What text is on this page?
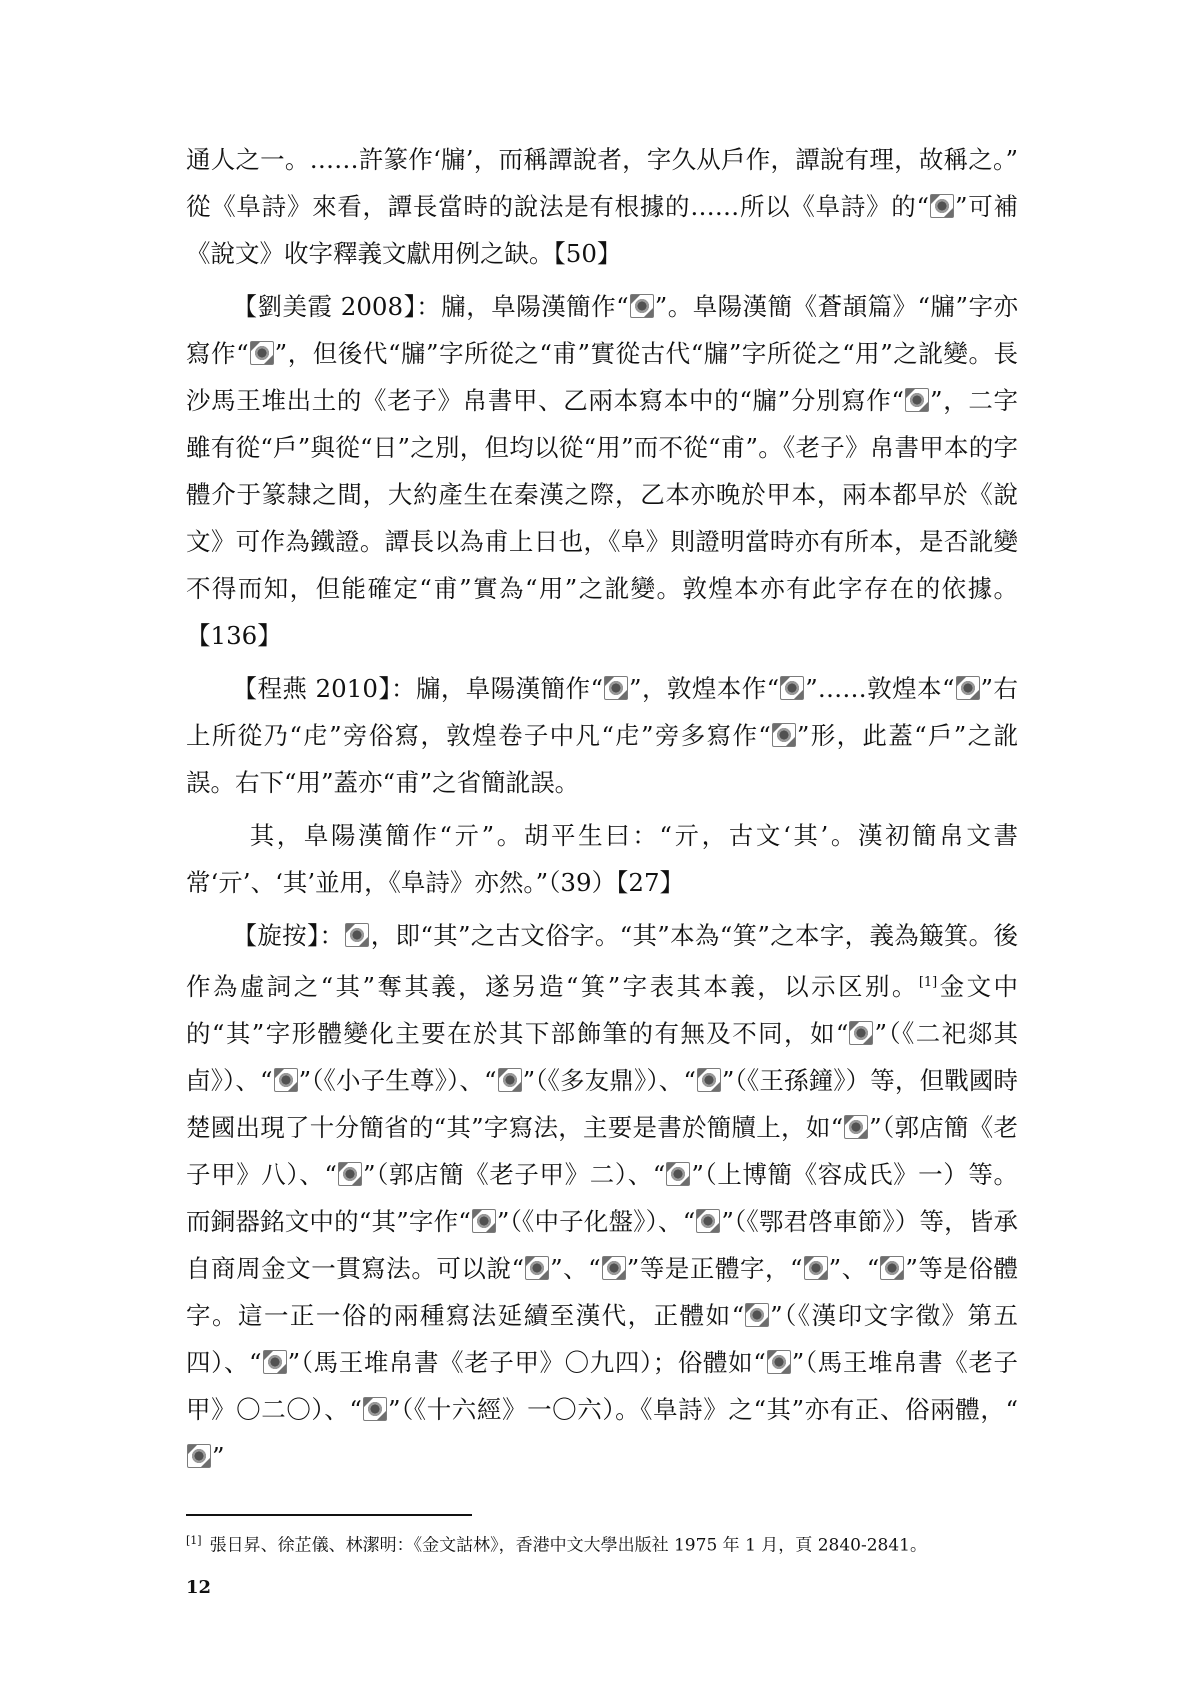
通人之一。……許篆作‘牖’，而稱譚說者，字久从戶作，譚說有理，故稱之。” 從《阜詩》來看，譚長當時的說法是有根據的……所以《阜詩》的“ ”可補《說文》收字釋義文獻用例之缺。【50】

【劉美霞 2008】：牖，阜陽漢簡作“ ”。阜陽漢簡《蒼頡篇》“牖”字亦寫作“ ”，但後代“牖”字所從之“甫”實從古代“牖”字所從之“用”之訛變。長沙馬王堆出土的《老子》帛書甲、乙兩本寫本中的“牖”分別寫作“ ”，二字雖有從“戶”與從“日”之別，但均以從“用”而不從“甫”。《老子》帛書甲本的字體介于篆隸之間，大約產生在秦漢之際，乙本亦晚於甲本，兩本都早於《說文》可作為鐵證。譚長以為甫上日也，《阜》則證明當時亦有所本，是否訛變不得而知，但能確定“甫”實為“用”之訛變。敦煌本亦有此字存在的依據。【136】

【程燕 2010】：牖，阜陽漢簡作“ ”，敦煌本作“ ”……敦煌本“ ”右上所從乃“虍”旁俗寫，敦煌卷子中凡“虍”旁多寫作“ ”形，此蓋“戶”之訛誤。右下“用”蓋亦“甫”之省簡訛誤。

其，阜陽漢簡作“亓”。胡平生曰：“亓，古文‘其’。漢初簡帛文書常‘亓’、‘其’並用，《阜詩》亦然。”（39）【27】

【旋按】： ，即“其”之古文俗字。“其”本為“箕”之本字，義為簸箕。後作為虛詞之“其”奪其義，遂另造“箕”字表其本義，以示区别。[1]金文中的“其”字形體變化主要在於其下部飾筆的有無及不同，如“ ”（《二祀郯其卣》）、“ ”（《小子生尊》）、“ ”（《多友鼎》）、“ ”（《王孫鐘》）等，但戰國時楚國出現了十分簡省的“其”字寫法，主要是書於簡牘上，如“ ”（郭店簡《老子甲》八）、“ ”（郭店簡《老子甲》二）、“ ”（上博簡《容成氏》一）等。而銅器銘文中的“其”字作“ ”（《中子化盤》）、“ ”（《鄂君啓車節》）等，皆承自商周金文一貫寫法。可以說“ ”、“ ”等是正體字，“ ”、“ ”等是俗體字。這一正一俗的兩種寫法延續至漢代，正體如“ ”（《漢印文字徵》第五四）、“ ”（馬王堆帛書《老子甲》〇九四）；俗體如“ ”（馬王堆帛書《老子甲》〇二〇）、“ ”（《十六經》一〇六）。《阜詩》之“其”亦有正、俗兩體，“”

[1] 張日昇、徐芷儀、林潔明：《金文詁林》，香港中文大學出版社 1975 年 1 月，頁 2840-2841。
12
